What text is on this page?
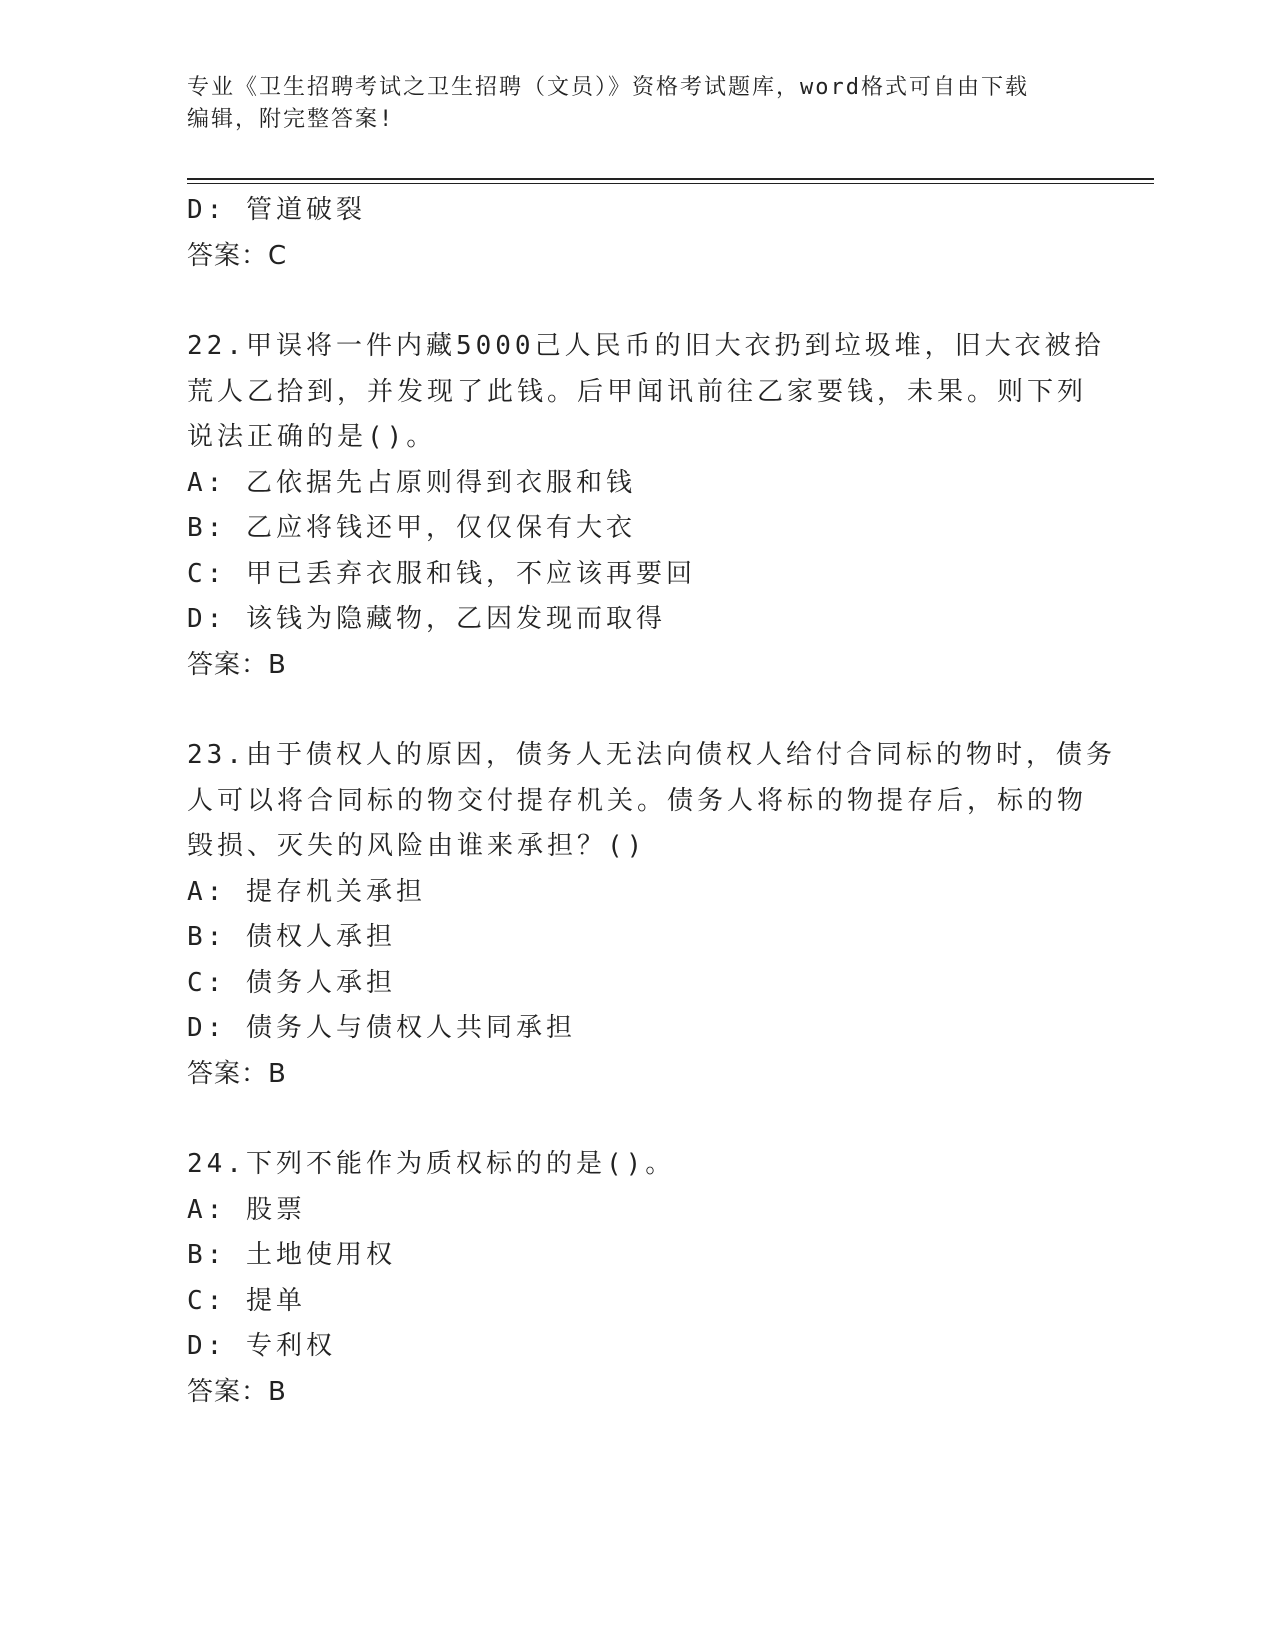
专业《卫生招聘考试之卫生招聘（文员）》资格考试题库，word格式可自由下载
编辑，附完整答案!
D: 管道破裂
答案：C
22.甲误将一件内藏5000己人民币的旧大衣扔到垃圾堆，旧大衣被拾
荒人乙拾到，并发现了此钱。后甲闻讯前往乙家要钱，未果。则下列
说法正确的是()。
A: 乙依据先占原则得到衣服和钱
B: 乙应将钱还甲，仅仅保有大衣
C: 甲已丢弃衣服和钱，不应该再要回
D: 该钱为隐藏物，乙因发现而取得
答案：B
23.由于债权人的原因，债务人无法向债权人给付合同标的物时，债务
人可以将合同标的物交付提存机关。债务人将标的物提存后，标的物
毁损、灭失的风险由谁来承担？()
A: 提存机关承担
B: 债权人承担
C: 债务人承担
D: 债务人与债权人共同承担
答案：B
24.下列不能作为质权标的的是()。
A: 股票
B: 土地使用权
C: 提单
D: 专利权
答案：B
